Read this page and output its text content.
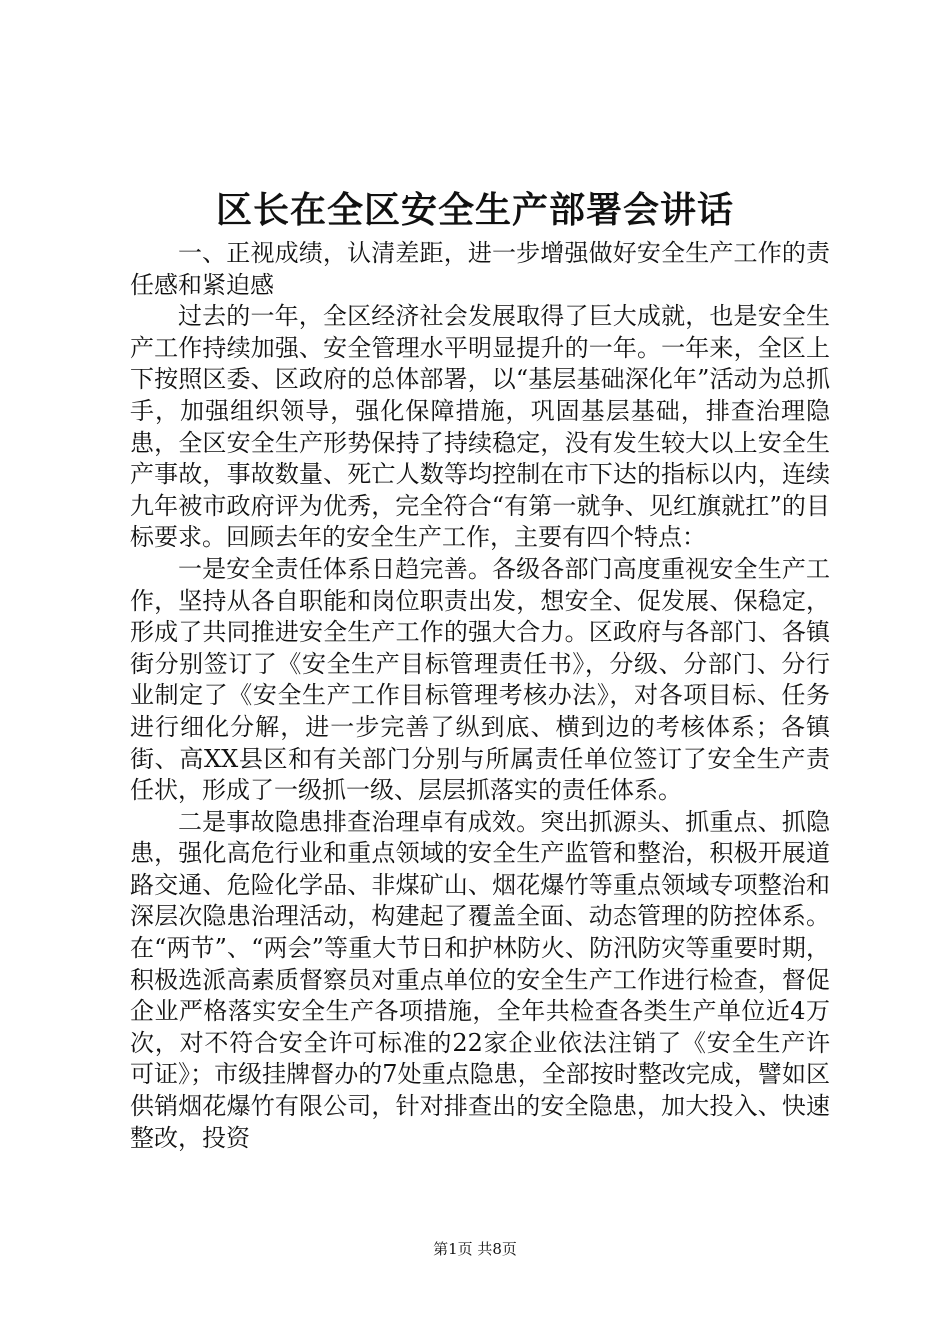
区长在全区安全生产部署会讲话

一、正视成绩，认清差距，进一步增强做好安全生产工作的责任感和紧迫感

过去的一年，全区经济社会发展取得了巨大成就，也是安全生产工作持续加强、安全管理水平明显提升的一年。一年来，全区上下按照区委、区政府的总体部署，以“基层基础深化年”活动为总抓手，加强组织领导，强化保障措施，巩固基层基础，排查治理隐患，全区安全生产形势保持了持续稳定，没有发生较大以上安全生产事故，事故数量、死亡人数等均控制在市下达的指标以内，连续九年被市政府评为优秀，完全符合“有第一就争、见红旗就扛”的目标要求。回顾去年的安全生产工作，主要有四个特点：

一是安全责任体系日趋完善。各级各部门高度重视安全生产工作，坚持从各自职能和岗位职责出发，想安全、促发展、保稳定，形成了共同推进安全生产工作的强大合力。区政府与各部门、各镇街分别签订了《安全生产目标管理责任书》，分级、分部门、分行业制定了《安全生产工作目标管理考核办法》，对各项目标、任务进行细化分解，进一步完善了纵到底、横到边的考核体系；各镇街、高XX县区和有关部门分别与所属责任单位签订了安全生产责任状，形成了一级抓一级、层层抓落实的责任体系。

二是事故隐患排查治理卓有成效。突出抓源头、抓重点、抓隐患，强化高危行业和重点领域的安全生产监管和整治，积极开展道路交通、危险化学品、非煤矿山、烟花爆竹等重点领域专项整治和深层次隐患治理活动，构建起了覆盖全面、动态管理的防控体系。在“两节”、“两会”等重大节日和护林防火、防汛防灾等重要时期，积极选派高素质督察员对重点单位的安全生产工作进行检查，督促企业严格落实安全生产各项措施，全年共检查各类生产单位近4万次，对不符合安全许可标准的22家企业依法注销了《安全生产许可证》；市级挂牌督办的7处重点隐患，全部按时整改完成，譬如区供销烟花爆竹有限公司，针对排查出的安全隐患，加大投入、快速整改，投资

第1页 共8页
